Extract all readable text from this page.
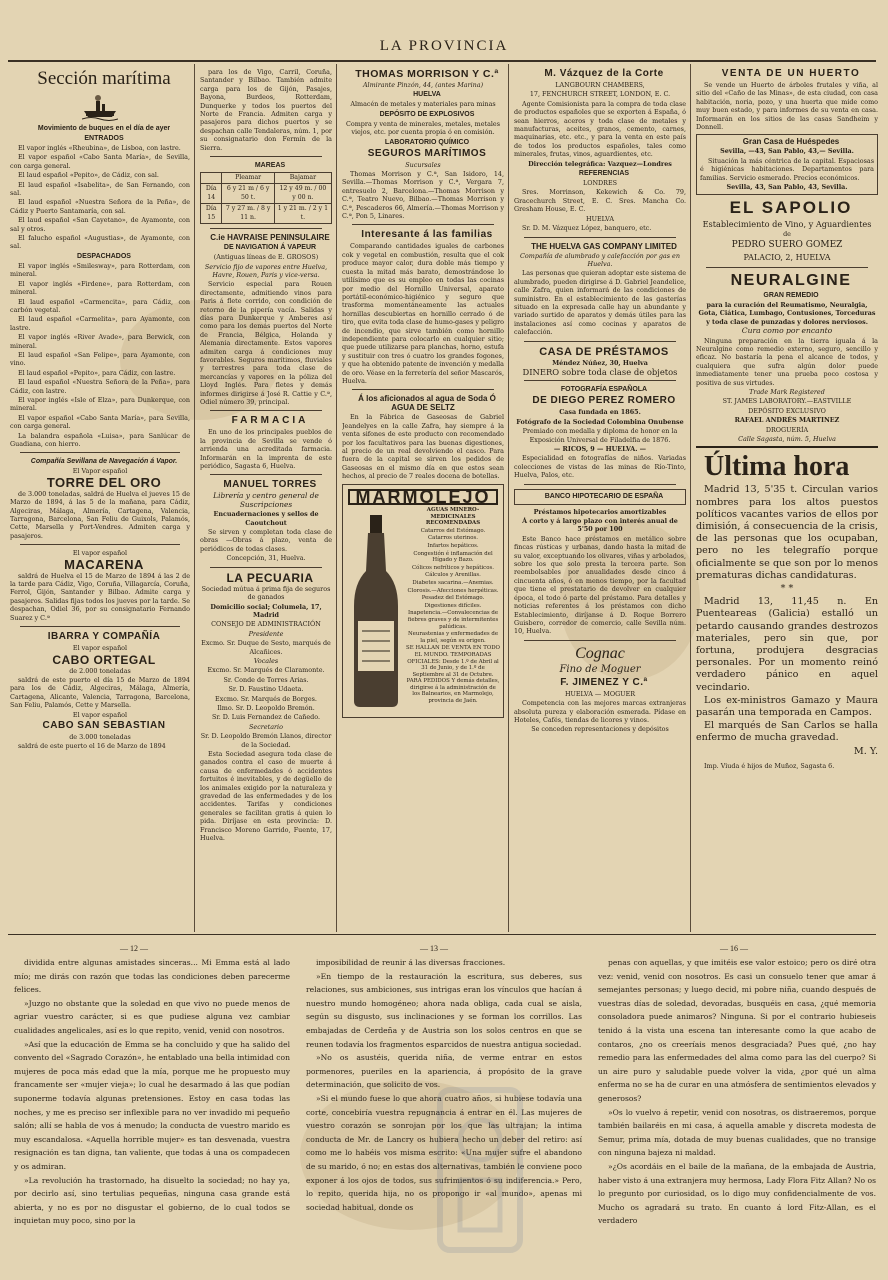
LA PROVINCIA

Sección marítima

Movimiento de buques en el día de ayer

ENTRADOS

El vapor inglés «Rheubina», de Lisboa, con lastre.

El vapor español «Cabo Santa María», de Sevilla, con carga general.

El laud español «Pepito», de Cádiz, con sal.

El laud español «Isabelita», de San Fernando, con sal.

El laud español «Nuestra Señora de la Peña», de Cádiz y Puerto Santamaría, con sal.

El laud español «San Cayetano», de Ayamonte, con sal y otros.

El falucho español «Augustias», de Ayamonte, con sal.

DESPACHADOS

El vapor inglés «Smilesway», para Rotterdam, con mineral.

El vapor inglés «Firdene», para Rotterdam, con mineral.

El laud español «Carmencita», para Cádiz, con carbón vegetal.

El laud español «Carmelita», para Ayamonte, con lastre.

El vapor inglés «River Avade», para Berwick, con mineral.

El laud español «San Felipe», para Ayamonte, con vino.

El laud español «Pepito», para Cádiz, con lastre.

El laud español «Nuestra Señora de la Peña», para Cádiz, con lastre.

El vapor inglés «Isle of Elza», para Dunkerque, con mineral.

El vapor español «Cabo Santa María», para Sevilla, con carga general.

La balandra española «Luisa», para Sanlúcar de Guadiana, con hierro.

Compañía Sevillana de Navegación á Vapor.

El Vapor español

TORRE DEL ORO

de 3.000 toneladas, saldrá de Huelva el jueves 15 de Marzo de 1894, á las 5 de la mañana, para Cádiz, Algeciras, Málaga, Almería, Cartagena, Valencia, Tarragona, Barcelona, San Feliu de Guixols, Palamós, Cette, Marsella y Port-Vendres. Admiten carga y pasajeros.

El vapor español

MACARENA

saldrá de Huelva el 15 de Marzo de 1894 á las 2 de la tarde para Cádiz, Vigo, Coruña, Villagarcía, Coruña, Ferrol, Gijón, Santander y Bilbao. Admite carga y pasajeros. Salidas fijas todos los jueves por la tarde. Se despachan, Odiel 36, por su consignatario Fernando Suarez y C.ª

IBARRA Y COMPAÑÍA

El vapor español

CABO ORTEGAL

de 2.000 toneladas

saldrá de este puerto el día 15 de Marzo de 1894 para los de Cádiz, Algeciras, Málaga, Almería, Cartagena, Alicante, Valencia, Tarragona, Barcelona, San Feliu, Palamós, Cette y Marsella.

El vapor español

CABO SAN SEBASTIAN

de 3.000 toneladas

saldrá de este puerto el 16 de Marzo de 1894

para los de Vigo, Carril, Coruña, Santander y Bilbao. También admite carga para los de Gijón, Pasajes, Bayona, Burdeos, Rotterdam, Dunquerke y todos los puertos del Norte de Francia. Admiten carga y pasajeros para dichos puertos y se despachan calle Tendaleras, núm. 1, por su consignatario don Fermín de la Sierra.

MAREAS

	Pleamar	Bajamar
Día 14	6 y 21 m / 6 y 50 t.	12 y 49 m. / 00 y 00 n.
Día 15	7 y 27 m. / 8 y 11 n.	1 y 21 m. / 2 y 1 t.

C.ie HAVRAISE PENINSULAIRE

DE NAVIGATION Á VAPEUR

(Antiguas líneas de E. GROSOS)

Servicio fijo de vapores entre Huelva, Havre, Rouen, Paris y vice-versa.

Servicio especial para Rouen directamente, admitiendo vinos para Paris á flete corrido, con condición de retorno de la pipería vacía. Salidas y días para Dunkerque y Amberes así como para los demás puertos del Norte de Francia, Bélgica, Holanda y Alemania directamente. Estos vapores admiten carga á condiciones muy favorables. Seguros marítimos, fluviales y terrestres para toda clase de mercancías y vapores en la póliza del Lloyd Inglés. Para fletes y demás informes dirigirse á José R. Cattie y C.ª, Odiel número 39, principal.

FARMACIA

En uno de los principales pueblos de la provincia de Sevilla se vende ó arrienda una acreditada farmacia. Informarán en la imprenta de este periódico, Sagasta 6, Huelva.

MANUEL TORRES

Librería y centro general de Suscripciones

Encuadernaciones y sellos de Caoutchout

Se sirven y completan toda clase de obras —Obras á plazo, venta de periódicos de todas clases.

Concepción, 31, Huelva.

LA PECUARIA

Sociedad mútua á prima fija de seguros de ganados

Domicilio social; Columela, 17, Madrid

CONSEJO DE ADMINISTRACIÓN

Presidente

Excmo. Sr. Duque de Sesto, marqués de Alcañices.

Vocales

Excmo. Sr. Marqués de Claramonte.

Sr. Conde de Torres Arias.

Sr. D. Faustino Udaeta.

Excmo. Sr. Marqués de Borges.

Ilmo. Sr. D. Leopoldo Bremón.

Sr. D. Luis Fernandez de Cañedo.

Secretario

Sr. D. Leopoldo Bremón Llanos, director de la Sociedad.

Esta Sociedad asegura toda clase de ganados contra el caso de muerte á causa de enfermedades ó accidentes fortuitos é inevitables, y de degüello de los animales exigido por la naturaleza y gravedad de las enfermedades y de los accidentes. Tarifas y condiciones generales se facilitan gratis á quien lo pida. Diríjase en esta provincia: D. Francisco Moreno Garrido, Fuente, 17, Huelva.

THOMAS MORRISON Y C.ª

Almirante Pinzón, 44, (antes Marina)

HUELVA

Almacén de metales y materiales para minas

DEPÓSITO DE EXPLOSIVOS

Compra y venta de minerales, metales, metales viejos, etc. por cuenta propia ó en comisión.

LABORATORIO QUÍMICO

SEGUROS MARÍTIMOS

Sucursales

Thomas Morrison y C.ª, San Isidoro, 14, Sevilla.—Thomas Morrison y C.ª, Vergara 7, entresuelo 2, Barcelona.—Thomas Morrison y C.ª, Teatro Nuevo, Bilbao.—Thomas Morrison y C.ª, Pescaderos 66, Almería.—Thomas Morrison y C.ª, Pon 5, Linares.

Interesante á las familias

Comparando cantidades iguales de carbones cok y vegetal en combustión, resulta que el cok produce mayor calor, dura doble más tiempo y cuesta la mitad más barato, demostrándose lo utilísimo que es su empleo en todas las cocinas por medio del Hornillo Universal, aparato portátil-económico-higiénico y seguro que trasforma momentáneamente las actuales hornillas descubiertas en hornillo cerrado ó de tiro, que evita toda clase de humo-gases y peligro de incendio, que sirve también como hornillo independiente para colocarlo en cualquier sitio; que puede utilizarse para planchas, horno, estufa y sustituir con tres ó cuatro los grandes fogones, y que ha obtenido patente de invención y medalla de oro. Véase en la ferretería del señor Mascarós, Huelva.

Á los aficionados al agua de Soda Ó AGUA DE SELTZ

En la Fábrica de Gaseosas de Gabriel Jeandelyes en la calle Zafra, hay siempre á la venta sifones de este producto con recomendado por los facultativos para las buenas digestiones, al precio de un real devolviendo el casco. Para fuera de la capital se sirven los pedidos de Gaseosas en el mismo día en que estos sean hechos, al precio de 7 reales docena de botellas.

MARMOLEJO

AGUAS MINERO-MEDICINALES RECOMENDADAS

Catarros del Estómago.

Catarros uterinos.

Infartos hepáticos.

Congestión é inflamación del Hígado y Bazo.

Cólicos nefríticos y hepáticos.

Cálculos y Arenillas.

Diabetes sacarina.—Anemias.

Clorosis.—Afecciones herpéticas.

Pesadez del Estómago.

Digestiones difíciles.

Inapetencia.—Convalecencias de fiebres graves y de intermitentes palúdicas.

Neurastenias y enfermedades de la piel, según su origen.

SE HALLAN DE VENTA EN TODO EL MUNDO. TEMPORADAS OFICIALES: Desde 1.º de Abril al 31 de Junio, y de 1.º de Septiembre al 31 de Octubre. PARA PEDIDOS Y demás detalles, dirigirse á la administración de los Balnearios, en Marmolejo, provincia de Jaén.

M. Vázquez de la Corte

LANGBOURN CHAMBERS,

17, FENCHURCH STREET, LONDON, E. C.

Agente Comisionista para la compra de toda clase de productos españoles que se exporten á España, ó sean hierros, aceros y toda clase de metales y manufacturas, aceites, granos, cemento, carnes, maquinarias, etc. etc., y para la venta en este país de todos los productos españoles, tales como minerales, frutas, vinos, aguardientes, etc.

Dirección telegráfica: Vazquez—Londres

REFERENCIAS

LONDRES

Sres. Morrinson, Kekewich & Co. 79, Gracechurch Street, E. C. Sres. Mancha Co. Gresham House, E. C.

HUELVA

Sr. D. M. Vázquez López, banquero, etc.

THE HUELVA GAS COMPANY LIMITED

Compañía de alumbrado y calefacción por gas en Huelva.

Las personas que quieran adoptar este sistema de alumbrado, pueden dirigirse á D. Gabriel Jeandelice, calle Zafra, quien informará de las condiciones de suministro. En el establecimiento de las gasterías situado en la expresada calle hay un abundante y variado surtido de aparatos y demás útiles para las instalaciones así como cocinas y aparatos de calefacción.

CASA DE PRÉSTAMOS

Méndez Núñez, 30, Huelva

DINERO sobre toda clase de objetos

FOTOGRAFÍA ESPAÑOLA

DE DIEGO PEREZ ROMERO

Casa fundada en 1865.

Fotógrafo de la Sociedad Colombina Onubense

Premiado con medalla y diploma de honor en la Exposición Universal de Filadelfia de 1876.

— RICOS, 9 — HUELVA. —

Especialidad en fotografías de niños. Variadas colecciones de vistas de las minas de Río-Tinto, Huelva, Palos, etc.

BANCO HIPOTECARIO DE ESPAÑA

Préstamos hipotecarios amortizables

Á corto y á largo plazo con interés anual de 5'50 por 100

Este Banco hace préstamos en metálico sobre fincas rústicas y urbanas, dando hasta la mitad de su valor, exceptuando los olivares, viñas y arbolados, sobre los que solo presta la tercera parte. Son reembolsables por anualidades desde cinco á cincuenta años, ó en menos tiempo, por la facultad que tiene el prestatario de devolver en cualquier época, el todo ó parte del préstamo. Para detalles y noticias referentes á los préstamos con dicho Establecimiento, diríjanse á D. Roque Borrero Guisbero, corredor de comercio, calle Sevilla núm. 10, Huelva.

Cognac

Fino de Moguer

F. JIMENEZ Y C.ª

HUELVA — MOGUER

Competencia con las mejores marcas extranjeras absoluta pureza y elaboración esmerada. Pídase en Hoteles, Cafés, tiendas de licores y vinos.

Se conceden representaciones y depósitos

VENTA DE UN HUERTO

Se vende un Huerto de árboles frutales y viña, al sitio del «Caño de las Minas», de esta ciudad, con casa habitación, noria, pozo, y una huerta que mide como muy buen estado, y para informes de su venta en casa. Informarán en los sitios de las casas Sandheim y Donnell.

Gran Casa de Huéspedes

Sevilla, —43, San Pablo, 43,— Sevilla.

Situación la más céntrica de la capital. Espaciosas é higiénicas habitaciones. Departamentos para familias. Servicio esmerado. Precios económicos.

Sevilla, 43, San Pablo, 43, Sevilla.

EL SAPOLIO

Establecimiento de Vino, y Aguardientes

de

PEDRO SUERO GOMEZ

PALACIO, 2, HUELVA

NEURALGINE

GRAN REMEDIO

para la curación del Reumatismo, Neuralgia, Gota, Ciática, Lumbago, Contusiones, Torceduras y toda clase de punzadas y dolores nerviosos.

Cura como por encanto

Ninguna preparación en la tierra iguala á la Neuralgine como remedio externo, seguro, sencillo y eficaz. No bastaría la pena el alcance de todos, y cualquiera que sufra algún dolor puede inmediatamente tener una prueba poco costosa y positiva de sus virtudes.

Trade Mark Registered

ST. JAMES LABORATORY.—EASTVILLE

DEPÓSITO EXCLUSIVO

RAFAEL ANDRÉS MARTINEZ

DROGUERÍA

Calle Sagasta, núm. 5, Huelva

Última hora

Madrid 13, 5'35 t. Circulan varios nombres para los altos puestos políticos vacantes varios de ellos por dimisión, á consecuencia de la crisis, de las personas que los ocupaban, pero no les telegrafío porque oficialmente se que son por lo menos prematuras dichas candidaturas.

* *

Madrid 13, 11,45 n. En Puenteareas (Galicia) estalló un petardo causando grandes destrozos materiales, pero sin que, por fortuna, produjera desgracias personales. Por un momento reinó verdadero pánico en aquel vecindario.

Los ex-ministros Gamazo y Maura pasarán una temporada en Campos.

El marqués de San Carlos se halla enfermo de mucha gravedad.

M. Y.

Imp. Viuda é hijos de Muñoz, Sagasta 6.

— 12 —	— 13 —	— 16 —

dividida entre algunas amistades sinceras... Mi Emma está al lado mío; me dirás con razón que todas las condiciones deben parecerme felices.

»Juzgo no obstante que la soledad en que vivo no puede menos de agriar vuestro carácter, si es que pudiese alguna vez cambiar cualidades angelicales, así es lo que repito, venid, venid con nosotros.

»Así que la educación de Emma se ha concluido y que ha salido del convento del «Sagrado Corazón», he entablado una bella intimidad con mujeres de poca más edad que la mía, porque me he propuesto muy francamente ser «mujer vieja»; lo cual he desarmado á las que podían suponerme todavía algunas pretensiones. Estoy en casa todas las noches, y me es preciso ser inflexible para no ver invadido mi pequeño salón; allí se habla de vos á menudo; la conducta de vuestro marido es muy escandalosa. «Aquella horrible mujer» es tan desvenada, vuestra resignación es tan digna, tan valiente, que todas á una os compadecen y os admiran.

»La revolución ha trastornado, ha disuelto la sociedad; no hay ya, por decirlo así, sino tertulias pequeñas, ninguna casa grande está abierta, y no es por no disgustar el gobierno, de lo cual todos se inquietan muy poco, sino por la

imposibilidad de reunir á las diversas fracciones.

»En tiempo de la restauración la escritura, sus deberes, sus relaciones, sus ambiciones, sus intrigas eran los vínculos que hacían á nuestro mundo homogéneo; ahora nada obliga, cada cual se aisla, según su disgusto, sus inclinaciones y se forman los corrillos. Las embajadas de Cerdeña y de Austria son los solos centros en que se reunen todavía los fragmentos esparcidos de nuestra antigua sociedad.

»No os asustéis, querida niña, de verme entrar en estos pormenores, pueriles en la apariencia, á propósito de la grave determinación, que solicito de vos.

»Si el mundo fuese lo que ahora cuatro años, si hubiese todavía una corte, concebiría vuestra repugnancia á entrar en él. Las mujeres de vuestro corazón se sonrojan por los que las ultrajan; la intima conducta de Mr. de Lancry os hubiera hecho un deber del retiro: así como me lo habéis vos misma escrito: «Una mujer sufre el abandono de su marido, ó no; en estas dos alternativas, también le conviene poco exponer á los ojos de todos, sus sufrimientos ó su indiferencia.» Pero, lo repito, querida hija, no os propongo ir «al mundo», apenas mi sociedad habitual, donde os

penas con aquellas, y que imitéis ese valor estoico; pero os diré otra vez: venid, venid con nosotros. Es casi un consuelo tener que amar á semejantes personas; y luego decid, mi pobre niña, cuando después de vuestras días de soledad, devoradas, busquéis en casa, ¿qué memoria consoladora puede animaros? Ninguna. Si por el contrario hubieseis tenido á la vista una escena tan interesante como la que acabo de contaros, ¿no os creeríais menos desgraciada? Pues qué, ¿no hay remedio para las enfermedades del alma como para las del cuerpo? Si un aire puro y saludable puede volver la vida, ¿por qué un alma enferma no se ha de curar en una atmósfera de sentimientos elevados y generosos?

»Os lo vuelvo á repetir, venid con nosotras, os distraeremos, porque también bailaréis en mi casa, á aquella amable y discreta modesta de Semur, prima mía, dotada de muy buenas cualidades, que no transige con ninguna bajeza ni maldad.

»¿Os acordáis en el baile de la mañana, de la embajada de Austria, haber visto á una extranjera muy hermosa, Lady Flora Fitz Allan? No os lo pregunto por curiosidad, os lo digo muy confidencialmente de vos. Mucho os agradará su trato. En cuanto á lord Fitz-Allan, es el verdadero
